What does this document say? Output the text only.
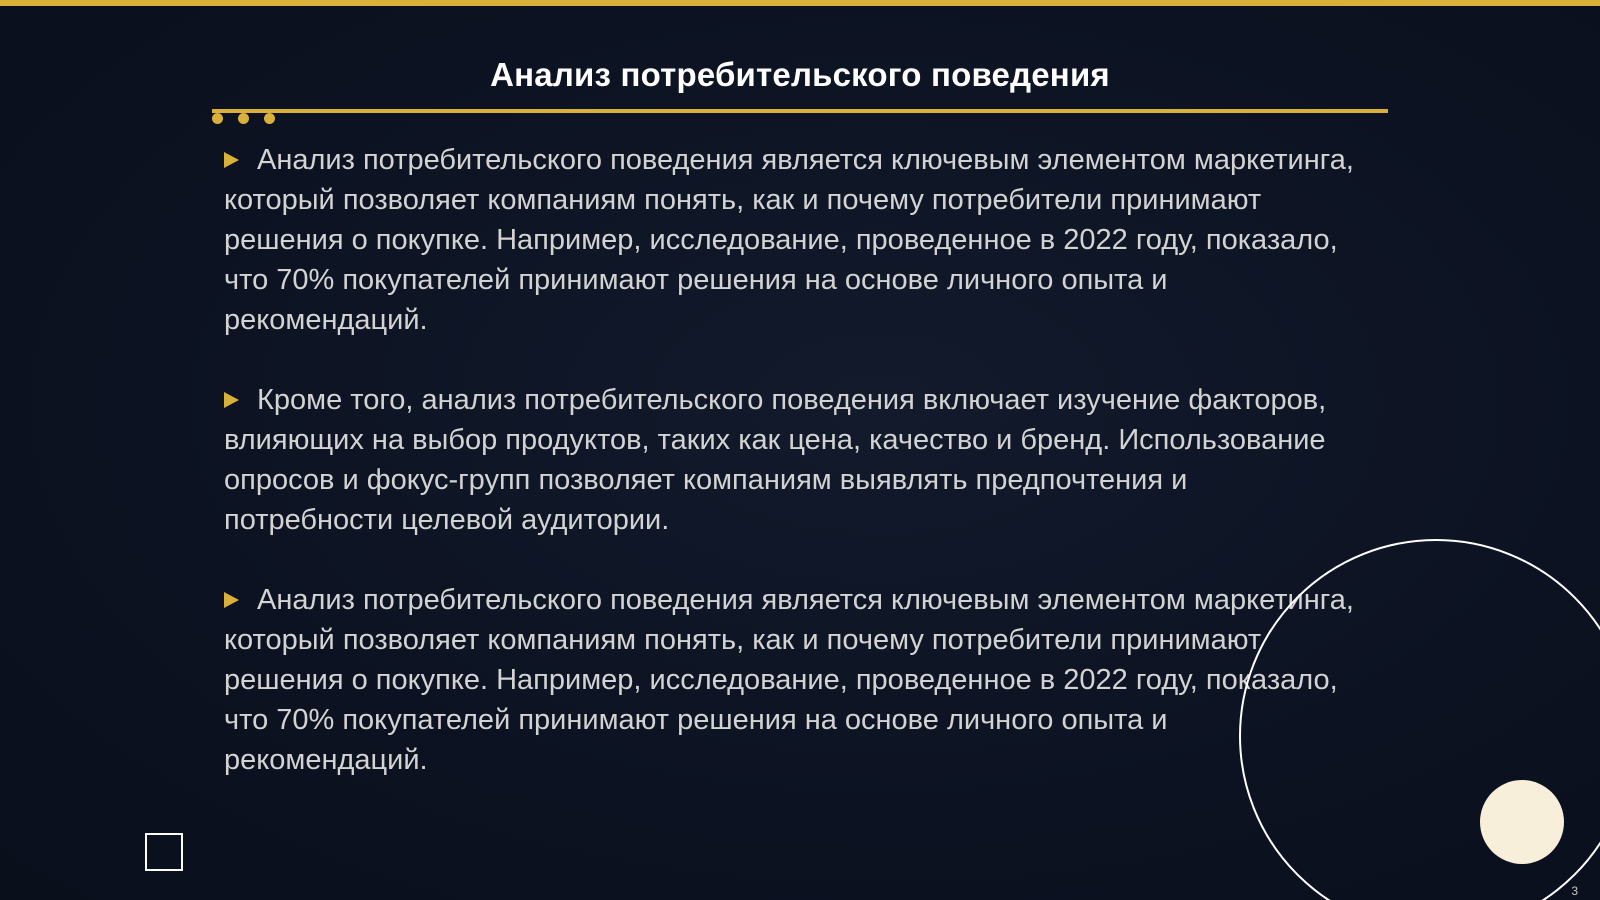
Анализ потребительского поведения

Анализ потребительского поведения является ключевым элементом маркетинга, который позволяет компаниям понять, как и почему потребители принимают решения о покупке. Например, исследование, проведенное в 2022 году, показало, что 70% покупателей принимают решения на основе личного опыта и рекомендаций.

Кроме того, анализ потребительского поведения включает изучение факторов, влияющих на выбор продуктов, таких как цена, качество и бренд. Использование опросов и фокус-групп позволяет компаниям выявлять предпочтения и потребности целевой аудитории.

Анализ потребительского поведения является ключевым элементом маркетинга, который позволяет компаниям понять, как и почему потребители принимают решения о покупке. Например, исследование, проведенное в 2022 году, показало, что 70% покупателей принимают решения на основе личного опыта и рекомендаций.

3
